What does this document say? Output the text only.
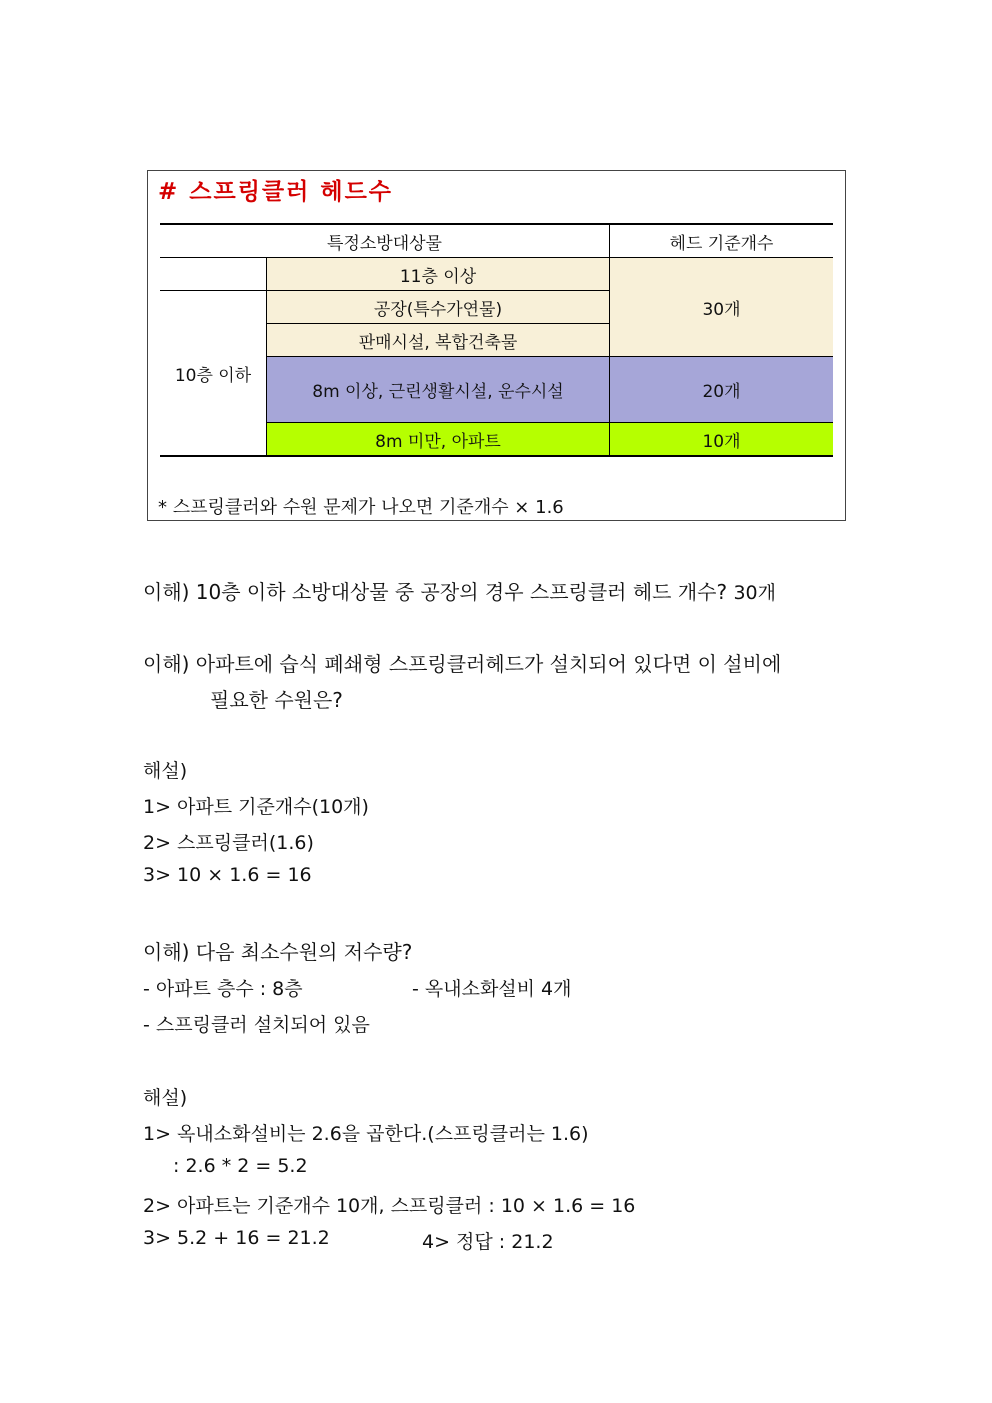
# 스프링클러 헤드수
특정소방대상물		헤드 기준개수
	11층 이상	30개
10층 이하	공장(특수가연물)	
	판매시설, 복합건축물	
	8m 이상, 근린생활시설, 운수시설	20개
	8m 미만, 아파트	10개
* 스프링클러와 수원 문제가 나오면 기준개수 × 1.6
이해) 10층 이하 소방대상물 중 공장의 경우 스프링클러 헤드 개수? 30개
이해) 아파트에 습식 폐쇄형 스프링클러헤드가 설치되어 있다면 이 설비에
필요한 수원은?
해설)
1> 아파트 기준개수(10개)
2> 스프링클러(1.6)
3> 10 × 1.6 = 16
이해) 다음 최소수원의 저수량?
- 아파트 층수 : 8층	- 옥내소화설비 4개
- 스프링클러 설치되어 있음
해설)
1> 옥내소화설비는 2.6을 곱한다.(스프링클러는 1.6)
: 2.6 * 2 = 5.2
2> 아파트는 기준개수 10개, 스프링클러 : 10 × 1.6 = 16
3> 5.2 + 16 = 21.2	4> 정답 : 21.2
